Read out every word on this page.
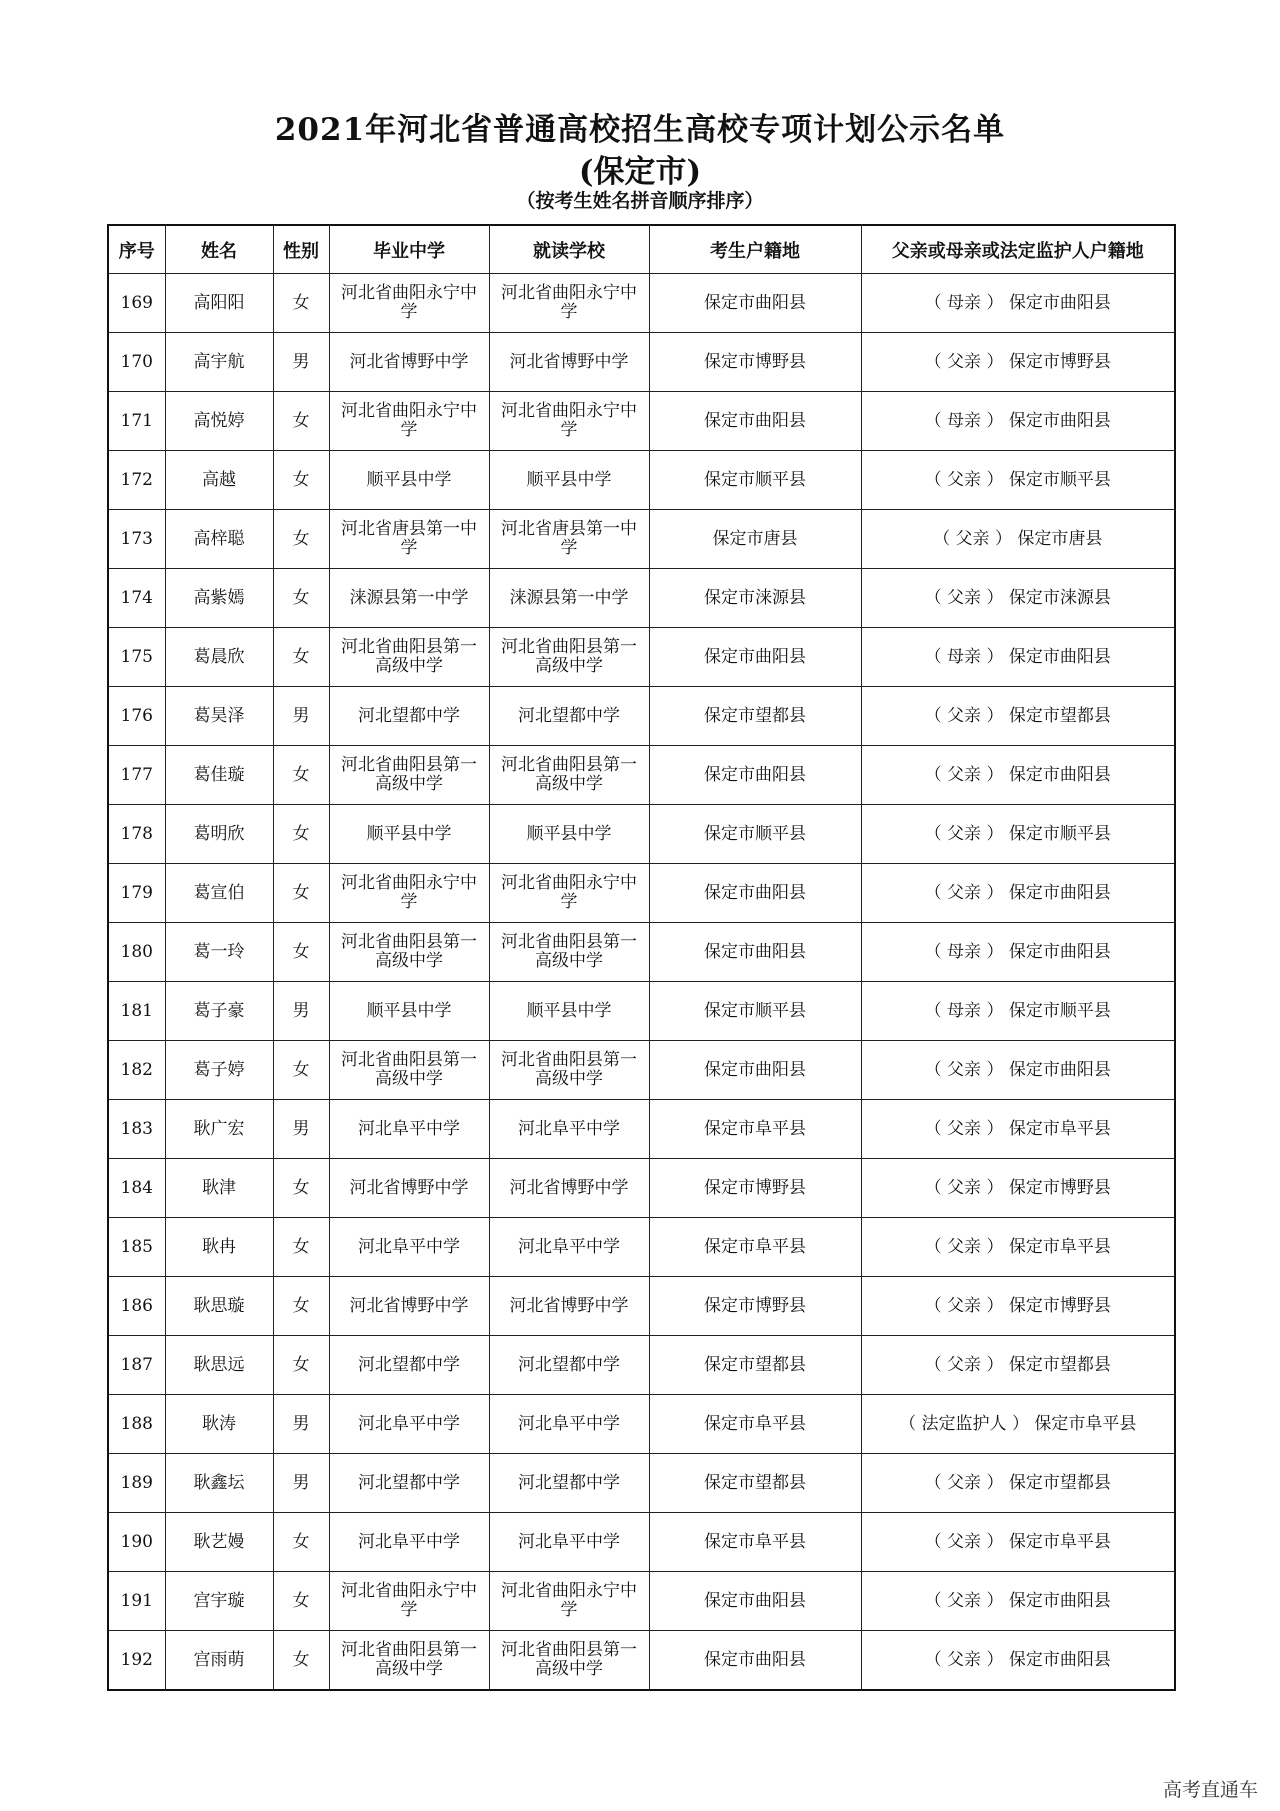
2021年河北省普通高校招生高校专项计划公示名单
(保定市)
（按考生姓名拼音顺序排序）
序号	姓名	性别	毕业中学	就读学校	考生户籍地	父亲或母亲或法定监护人户籍地
169	高阳阳	女	河北省曲阳永宁中学	河北省曲阳永宁中学	保定市曲阳县	（ 母亲 ） 保定市曲阳县
170	高宇航	男	河北省博野中学	河北省博野中学	保定市博野县	（ 父亲 ） 保定市博野县
171	高悦婷	女	河北省曲阳永宁中学	河北省曲阳永宁中学	保定市曲阳县	（ 母亲 ） 保定市曲阳县
172	高越	女	顺平县中学	顺平县中学	保定市顺平县	（ 父亲 ） 保定市顺平县
173	高梓聪	女	河北省唐县第一中学	河北省唐县第一中学	保定市唐县	（ 父亲 ） 保定市唐县
174	高紫嫣	女	涞源县第一中学	涞源县第一中学	保定市涞源县	（ 父亲 ） 保定市涞源县
175	葛晨欣	女	河北省曲阳县第一高级中学	河北省曲阳县第一高级中学	保定市曲阳县	（ 母亲 ） 保定市曲阳县
176	葛昊泽	男	河北望都中学	河北望都中学	保定市望都县	（ 父亲 ） 保定市望都县
177	葛佳璇	女	河北省曲阳县第一高级中学	河北省曲阳县第一高级中学	保定市曲阳县	（ 父亲 ） 保定市曲阳县
178	葛明欣	女	顺平县中学	顺平县中学	保定市顺平县	（ 父亲 ） 保定市顺平县
179	葛宣伯	女	河北省曲阳永宁中学	河北省曲阳永宁中学	保定市曲阳县	（ 父亲 ） 保定市曲阳县
180	葛一玲	女	河北省曲阳县第一高级中学	河北省曲阳县第一高级中学	保定市曲阳县	（ 母亲 ） 保定市曲阳县
181	葛子豪	男	顺平县中学	顺平县中学	保定市顺平县	（ 母亲 ） 保定市顺平县
182	葛子婷	女	河北省曲阳县第一高级中学	河北省曲阳县第一高级中学	保定市曲阳县	（ 父亲 ） 保定市曲阳县
183	耿广宏	男	河北阜平中学	河北阜平中学	保定市阜平县	（ 父亲 ） 保定市阜平县
184	耿津	女	河北省博野中学	河北省博野中学	保定市博野县	（ 父亲 ） 保定市博野县
185	耿冉	女	河北阜平中学	河北阜平中学	保定市阜平县	（ 父亲 ） 保定市阜平县
186	耿思璇	女	河北省博野中学	河北省博野中学	保定市博野县	（ 父亲 ） 保定市博野县
187	耿思远	女	河北望都中学	河北望都中学	保定市望都县	（ 父亲 ） 保定市望都县
188	耿涛	男	河北阜平中学	河北阜平中学	保定市阜平县	（ 法定监护人 ） 保定市阜平县
189	耿鑫坛	男	河北望都中学	河北望都中学	保定市望都县	（ 父亲 ） 保定市望都县
190	耿艺嫚	女	河北阜平中学	河北阜平中学	保定市阜平县	（ 父亲 ） 保定市阜平县
191	宫宇璇	女	河北省曲阳永宁中学	河北省曲阳永宁中学	保定市曲阳县	（ 父亲 ） 保定市曲阳县
192	宫雨萌	女	河北省曲阳县第一高级中学	河北省曲阳县第一高级中学	保定市曲阳县	（ 父亲 ） 保定市曲阳县
高考直通车
